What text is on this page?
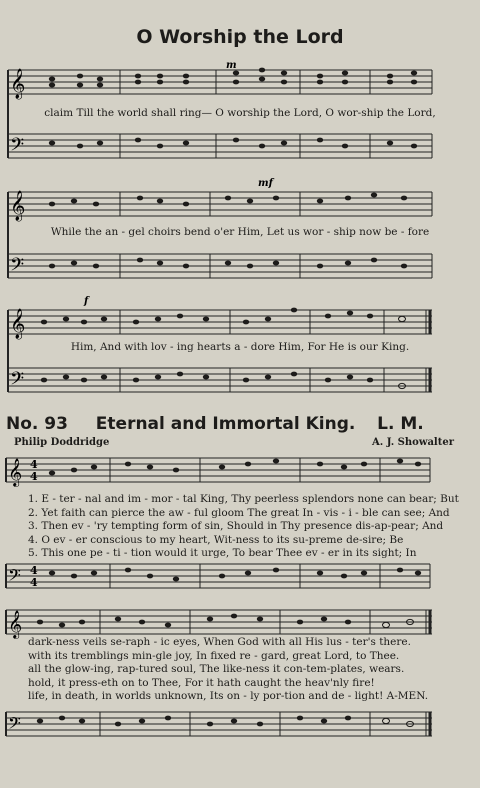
O Worship the Lord
𝄞
𝄢
m
claim Till the world shall ring— O worship the Lord, O wor-ship the Lord,
𝄞
𝄢
mf
While the an - gel choirs bend o'er Him, Let us wor - ship now be - fore
𝄞
𝄢
f
Him, And with lov - ing hearts a - dore Him, For He is our King.
No. 93 Eternal and Immortal King. L. M.
Philip Doddridge	A. J. Showalter
𝄞 4
4
1. E - ter - nal and im - mor - tal King, Thy peerless splendors none can bear; But
2. Yet faith can pierce the aw - ful gloom The great In - vis - i - ble can see; And
3. Then ev - 'ry tempting form of sin, Should in Thy presence dis-ap-pear; And
4. O ev - er conscious to my heart, Wit-ness to its su-preme de-sire; Be
5. This one pe - ti - tion would it urge, To bear Thee ev - er in its sight; In
𝄢 4
4
𝄞
dark-ness veils se-raph - ic eyes, When God with all His lus - ter's there.
with its tremblings min-gle joy, In fixed re - gard, great Lord, to Thee.
all the glow-ing, rap-tured soul, The like-ness it con-tem-plates, wears.
hold, it press-eth on to Thee, For it hath caught the heav'nly fire!
life, in death, in worlds unknown, Its on - ly por-tion and de - light! A-MEN.
𝄢
